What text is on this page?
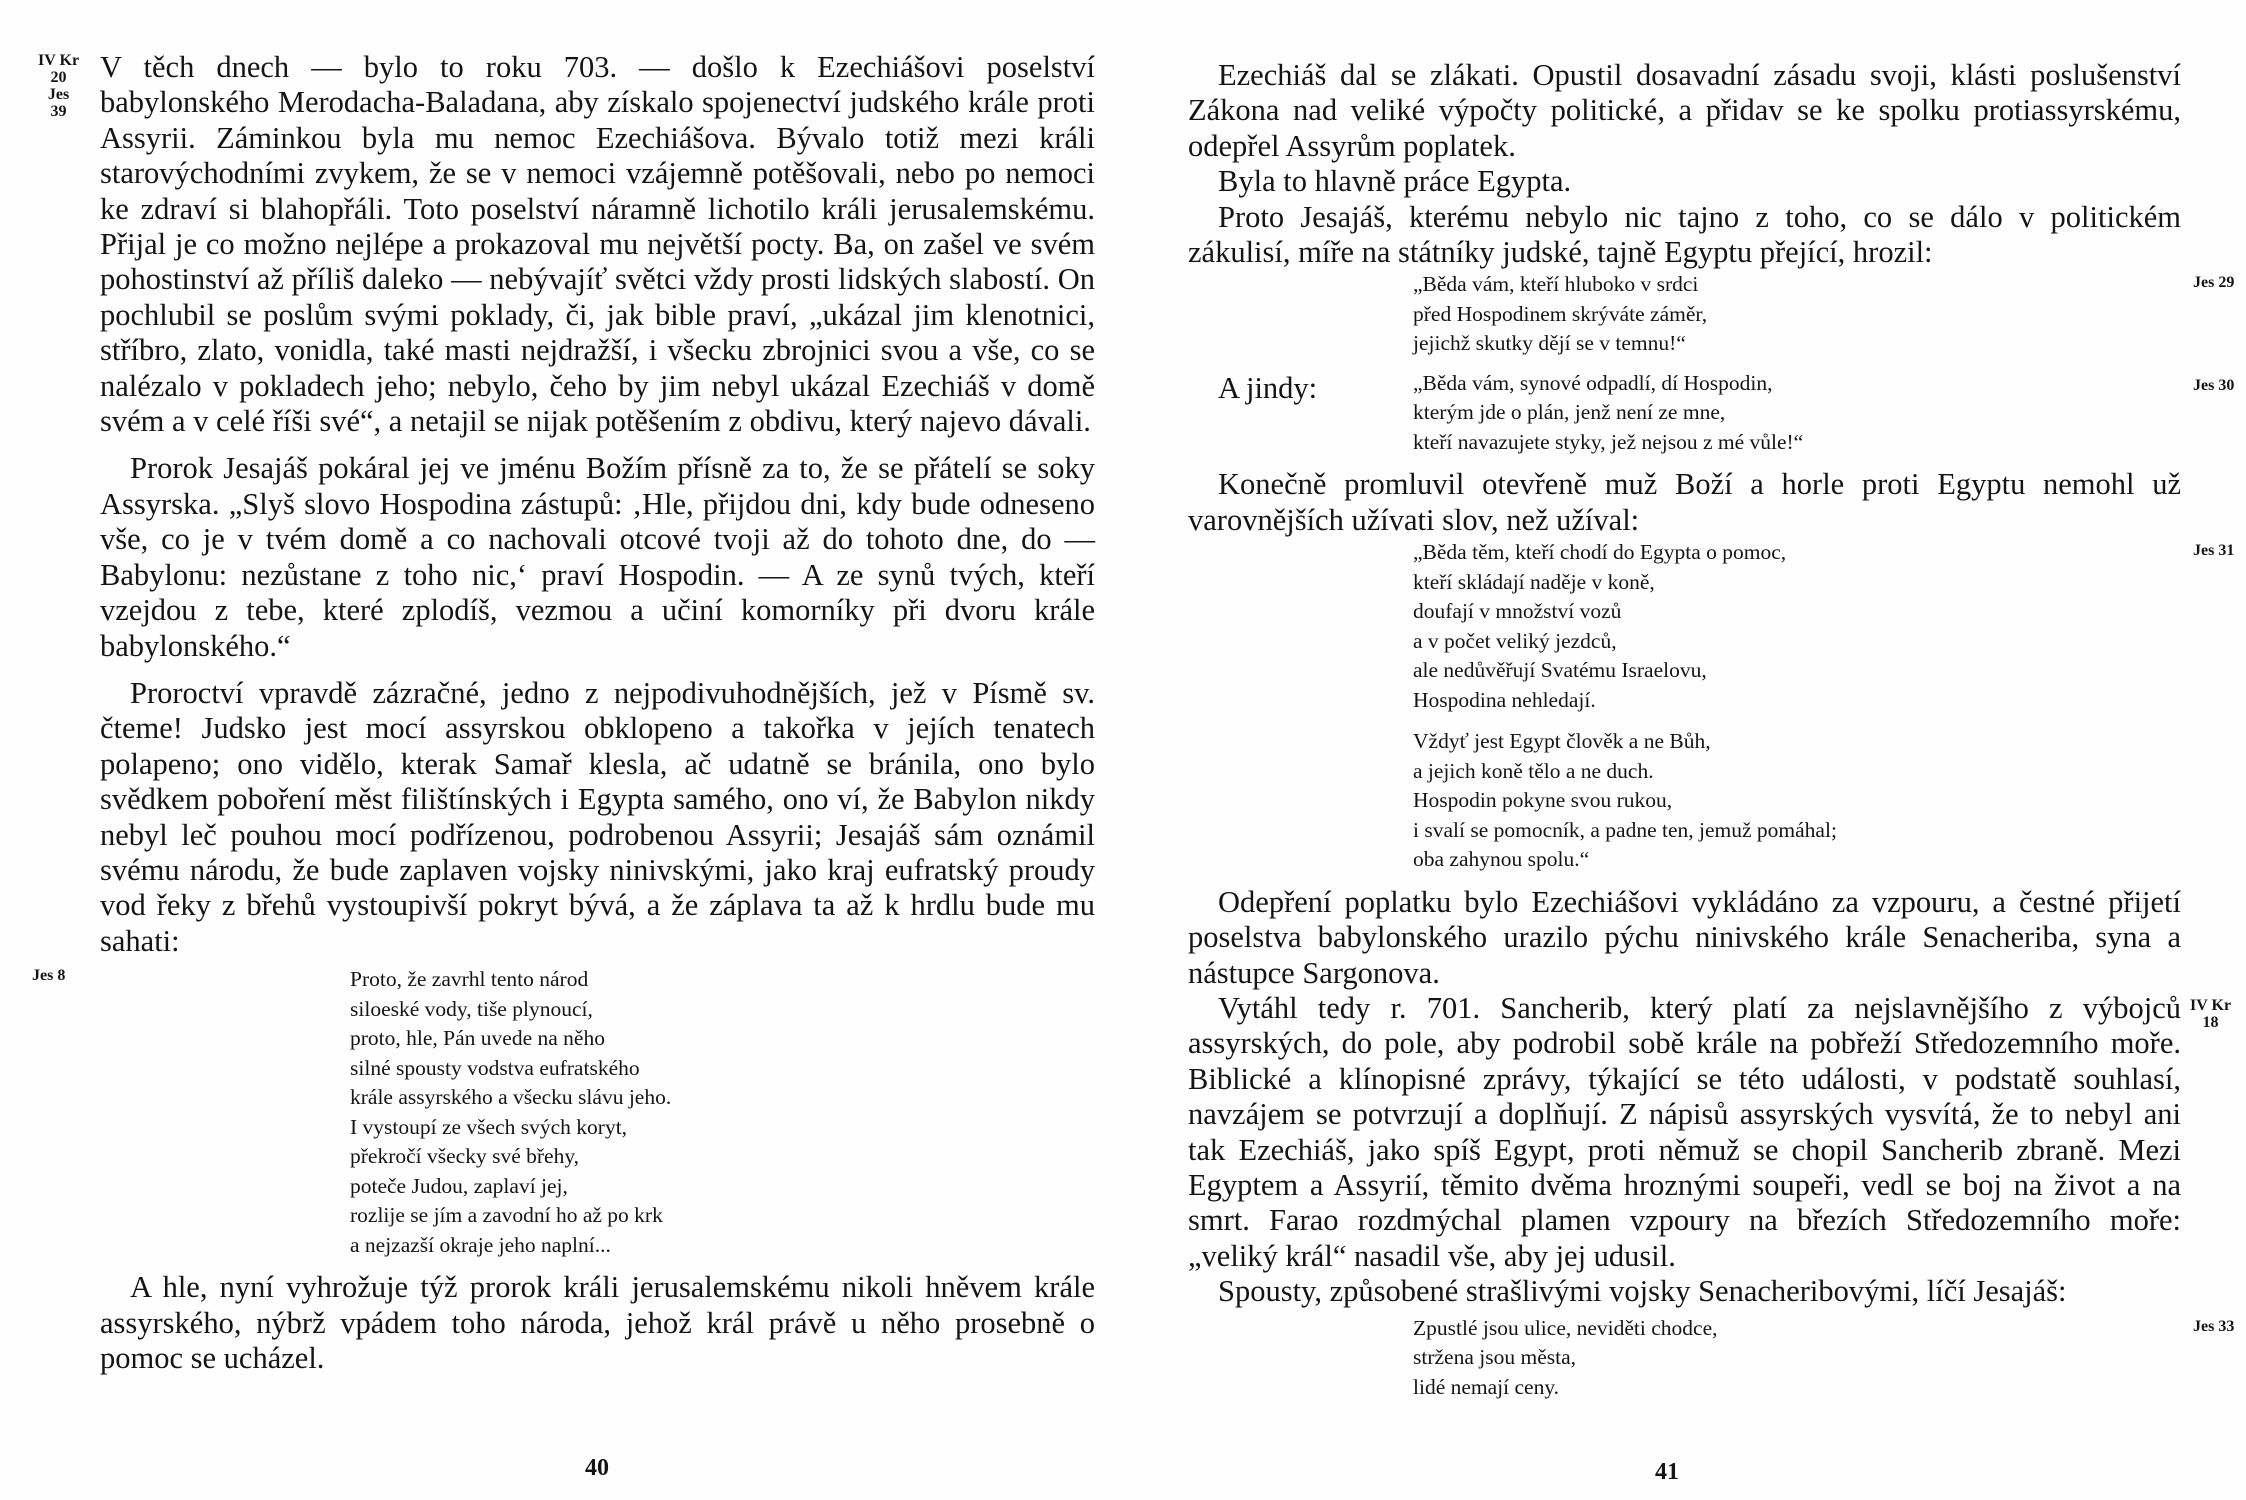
IV Kr
20
Jes
39

V těch dnech — bylo to roku 703. — došlo k Ezechiášovi poselství babylonského Merodacha-Baladana, aby získalo spojenectví judského krále proti Assyrii. Záminkou byla mu nemoc Ezechiášova. Bývalo totiž mezi králi starovýchodními zvykem, že se v nemoci vzájemně potěšovali, nebo po nemoci ke zdraví si blahopřáli. Toto poselství náramně lichotilo králi jerusalemskému. Přijal je co možno nejlépe a prokazoval mu největší pocty. Ba, on zašel ve svém pohostinství až příliš daleko — nebývajíť světci vždy prosti lidských slabostí. On pochlubil se poslům svými poklady, či, jak bible praví, „ukázal jim klenotnici, stříbro, zlato, vonidla, také masti nejdražší, i všecku zbrojnici svou a vše, co se nalézalo v pokladech jeho; nebylo, čeho by jim nebyl ukázal Ezechiáš v domě svém a v celé říši své“, a netajil se nijak potěšením z obdivu, který najevo dávali.

Prorok Jesajáš pokáral jej ve jménu Božím přísně za to, že se přátelí se soky Assyrska. „Slyš slovo Hospodina zástupů: ‚Hle, přijdou dni, kdy bude odneseno vše, co je v tvém domě a co nachovali otcové tvoji až do tohoto dne, do — Babylonu: nezůstane z toho nic,‘ praví Hospodin. — A ze synů tvých, kteří vzejdou z tebe, které zplodíš, vezmou a učiní komorníky při dvoru krále babylonského.“

Proroctví vpravdě zázračné, jedno z nejpodivuhodnějších, jež v Písmě sv. čteme! Judsko jest mocí assyrskou obklopeno a takořka v jejích tenatech polapeno; ono vidělo, kterak Samař klesla, ač udatně se bránila, ono bylo svědkem poboření měst filištínských i Egypta samého, ono ví, že Babylon nikdy nebyl leč pouhou mocí podřízenou, podrobenou Assyrii; Jesajáš sám oznámil svému národu, že bude zaplaven vojsky ninivskými, jako kraj eufratský proudy vod řeky z břehů vystoupivší pokryt bývá, a že záplava ta až k hrdlu bude mu sahati:

Jes 8	Proto, že zavrhl tento národ
siloeské vody, tiše plynoucí,
proto, hle, Pán uvede na něho
silné spousty vodstva eufratského
krále assyrského a všecku slávu jeho.
I vystoupí ze všech svých koryt,
překročí všecky své břehy,
poteče Judou, zaplaví jej,
rozlije se jím a zavodní ho až po krk
a nejzazší okraje jeho naplní...

A hle, nyní vyhrožuje týž prorok králi jerusalemskému nikoli hněvem krále assyrského, nýbrž vpádem toho národa, jehož král právě u něho prosebně o pomoc se ucházel.

40

Ezechiáš dal se zlákati. Opustil dosavadní zásadu svoji, klásti poslušenství Zákona nad veliké výpočty politické, a přidav se ke spolku protiassyrskému, odepřel Assyrům poplatek.

Byla to hlavně práce Egypta.

Proto Jesajáš, kterému nebylo nic tajno z toho, co se dálo v politickém zákulisí, míře na státníky judské, tajně Egyptu přející, hrozil:

Jes 29
„Běda vám, kteří hluboko v srdci
před Hospodinem skrýváte záměr,
jejichž skutky dějí se v temnu!“
A jindy:	Jes 30
„Běda vám, synové odpadlí, dí Hospodin,
kterým jde o plán, jenž není ze mne,
kteří navazujete styky, jež nejsou z mé vůle!“

Konečně promluvil otevřeně muž Boží a horle proti Egyptu nemohl už varovnějších užívati slov, než užíval:

Jes 31
„Běda těm, kteří chodí do Egypta o pomoc,
kteří skládají naděje v koně,
doufají v množství vozů
a v počet veliký jezdců,
ale nedůvěřují Svatému Israelovu,
Hospodina nehledají.
Vždyť jest Egypt člověk a ne Bůh,
a jejich koně tělo a ne duch.
Hospodin pokyne svou rukou,
i svalí se pomocník, a padne ten, jemuž pomáhal;
oba zahynou spolu.“

Odepření poplatku bylo Ezechiášovi vykládáno za vzpouru, a čestné přijetí poselstva babylonského urazilo pýchu ninivského krále Senacheriba, syna a nástupce Sargonova.

IV Kr
18

Vytáhl tedy r. 701. Sancherib, který platí za nejslavnějšího z výbojců assyrských, do pole, aby podrobil sobě krále na pobřeží Středozemního moře. Biblické a klínopisné zprávy, týkající se této události, v podstatě souhlasí, navzájem se potvrzují a doplňují. Z nápisů assyrských vysvítá, že to nebyl ani tak Ezechiáš, jako spíš Egypt, proti němuž se chopil Sancherib zbraně. Mezi Egyptem a Assyrií, těmito dvěma hroznými soupeři, vedl se boj na život a na smrt. Farao rozdmýchal plamen vzpoury na březích Středozemního moře: „veliký král“ nasadil vše, aby jej udusil.

Spousty, způsobené strašlivými vojsky Senacheribovými, líčí Jesajáš:

Jes 33
Zpustlé jsou ulice, neviděti chodce,
stržena jsou města,
lidé nemají ceny.
41
